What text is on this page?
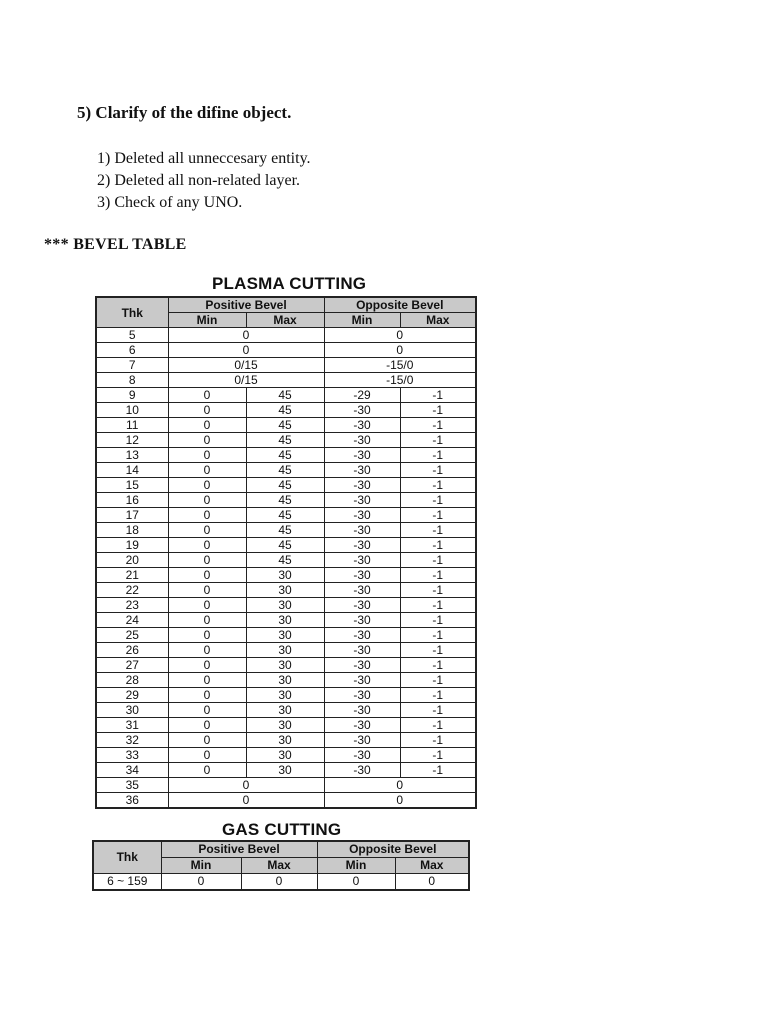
5) Clarify of the difine object.
1) Deleted all unneccesary entity.
2) Deleted all non-related layer.
3) Check of any UNO.
*** BEVEL TABLE
PLASMA CUTTING
Thk	Positive Bevel		Opposite Bevel	
	Min	Max	Min	Max
5	0		0	
6	0		0	
7	0/15		-15/0	
8	0/15		-15/0	
9	0	45	-29	-1
10	0	45	-30	-1
11	0	45	-30	-1
12	0	45	-30	-1
13	0	45	-30	-1
14	0	45	-30	-1
15	0	45	-30	-1
16	0	45	-30	-1
17	0	45	-30	-1
18	0	45	-30	-1
19	0	45	-30	-1
20	0	45	-30	-1
21	0	30	-30	-1
22	0	30	-30	-1
23	0	30	-30	-1
24	0	30	-30	-1
25	0	30	-30	-1
26	0	30	-30	-1
27	0	30	-30	-1
28	0	30	-30	-1
29	0	30	-30	-1
30	0	30	-30	-1
31	0	30	-30	-1
32	0	30	-30	-1
33	0	30	-30	-1
34	0	30	-30	-1
35	0		0	
36	0		0	
GAS CUTTING
Thk	Positive Bevel		Opposite Bevel	
	Min	Max	Min	Max
6 ~ 159	0	0	0	0
